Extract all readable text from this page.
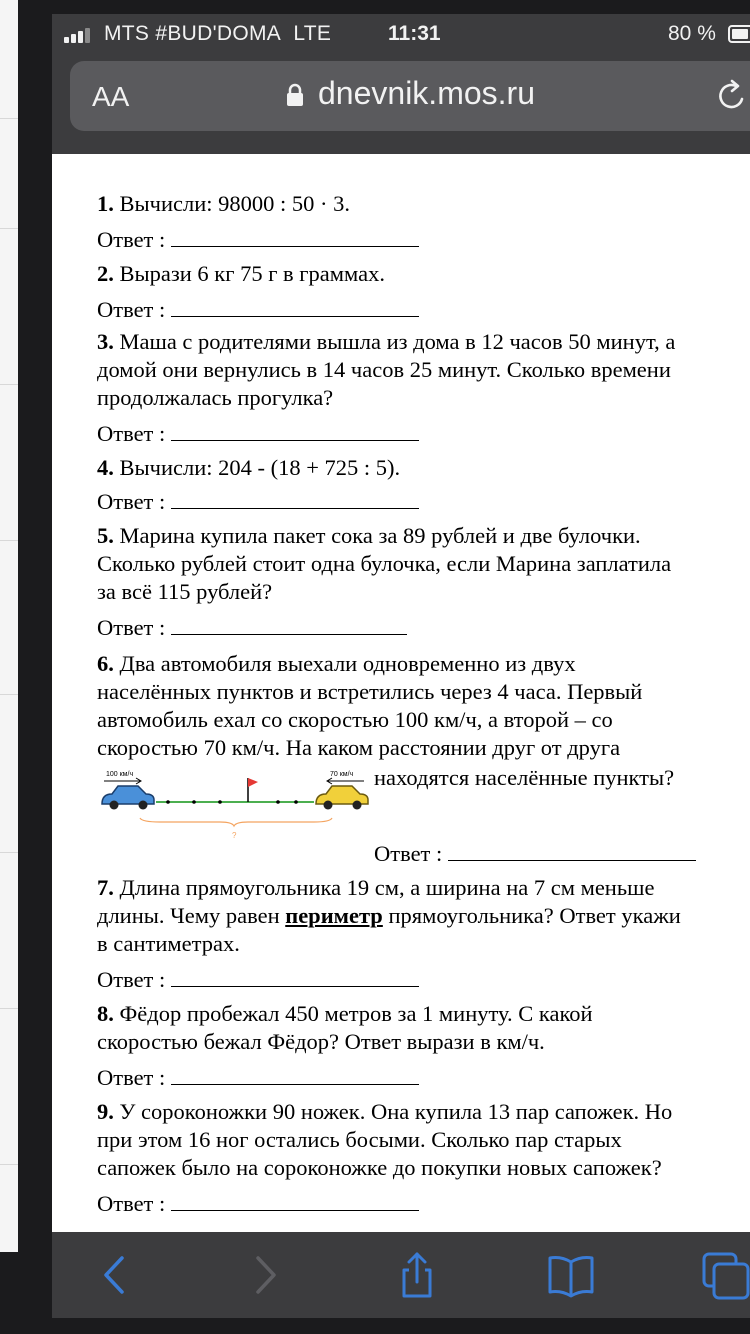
MTS #BUD'DOMA LTE	11:31	80 %
AA	dnevnik.mos.ru
1. Вычисли: 98000 : 50 · 3.
Ответ :
2. Вырази 6 кг 75 г в граммах.
Ответ :
3. Маша с родителями вышла из дома в 12 часов 50 минут, а
домой они вернулись в 14 часов 25 минут. Сколько времени
продолжалась прогулка?
Ответ :
4. Вычисли: 204 - (18 + 725 : 5).
Ответ :
5. Марина купила пакет сока за 89 рублей и две булочки.
Сколько рублей стоит одна булочка, если Марина заплатила
за всё 115 рублей?
Ответ :
6. Два автомобиля выехали одновременно из двух
населённых пунктов и встретились через 4 часа. Первый
автомобиль ехал со скоростью 100 км/ч, а второй – со
скоростью 70 км/ч. На каком расстоянии друг от друга
находятся населённые пункты?
100 км/ч	70 км/ч
?
Ответ :
7. Длина прямоугольника 19 см, а ширина на 7 см меньше
длины. Чему равен периметр прямоугольника? Ответ укажи
в сантиметрах.
Ответ :
8. Фёдор пробежал 450 метров за 1 минуту. С какой
скоростью бежал Фёдор? Ответ вырази в км/ч.
Ответ :
9. У сороконожки 90 ножек. Она купила 13 пар сапожек. Но
при этом 16 ног остались босыми. Сколько пар старых
сапожек было на сороконожке до покупки новых сапожек?
Ответ :
